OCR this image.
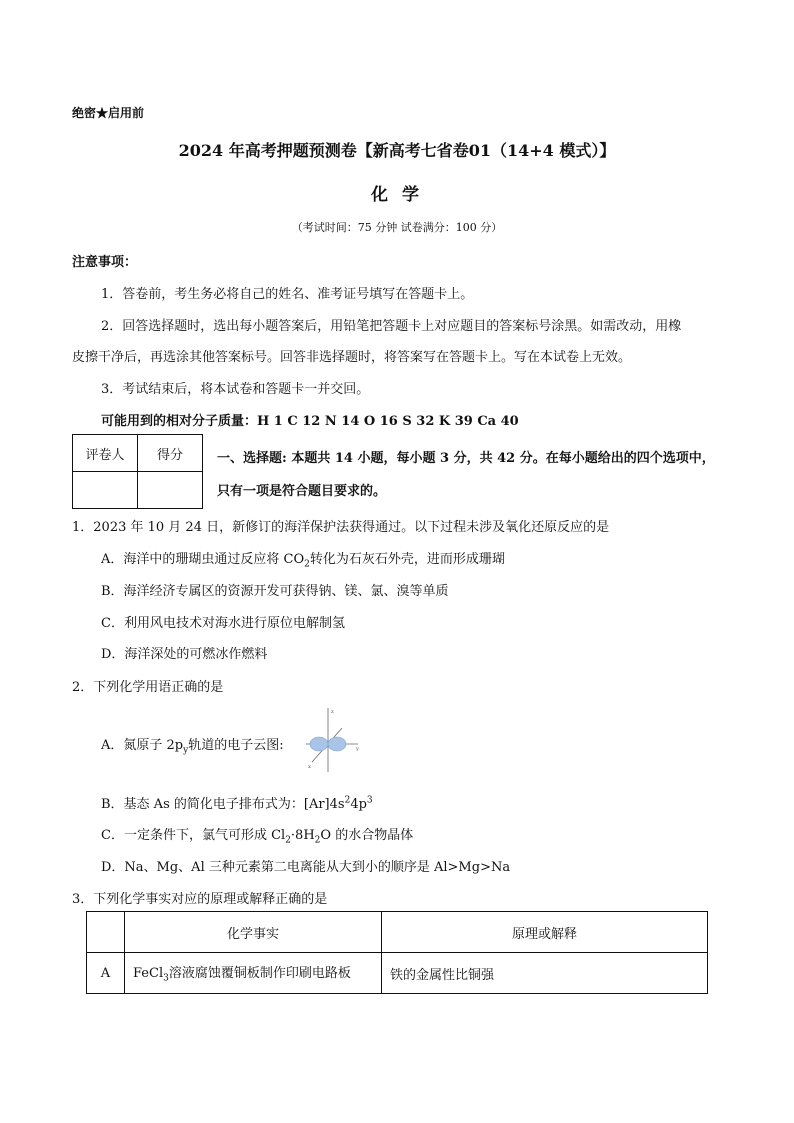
绝密★启用前
2024 年高考押题预测卷【新高考七省卷01（14+4 模式）】
化 学
（考试时间：75 分钟 试卷满分：100 分）
注意事项：
1．答卷前，考生务必将自己的姓名、准考证号填写在答题卡上。
2．回答选择题时，选出每小题答案后，用铅笔把答题卡上对应题目的答案标号涂黑。如需改动，用橡
皮擦干净后，再选涂其他答案标号。回答非选择题时，将答案写在答题卡上。写在本试卷上无效。
3．考试结束后，将本试卷和答题卡一并交回。
可能用到的相对分子质量：H 1 C 12 N 14 O 16 S 32 K 39 Ca 40
评卷人	得分
		一、选择题: 本题共 14 小题，每小题 3 分，共 42 分。在每小题给出的四个选项中，
只有一项是符合题目要求的。
1．2023 年 10 月 24 日，新修订的海洋保护法获得通过。以下过程未涉及氧化还原反应的是
A．海洋中的珊瑚虫通过反应将 $CO_2$转化为石灰石外壳，进而形成珊瑚
B．海洋经济专属区的资源开发可获得钠、镁、氯、溴等单质
C．利用风电技术对海水进行原位电解制氢
D．海洋深处的可燃冰作燃料
2．下列化学用语正确的是
A．氮原子 $2p_y$轨道的电子云图:
z
y
x
B．基态 As 的简化电子排布式为：$[Ar]4s^24p^3$
C．一定条件下，氯气可形成 $Cl_2\cdot 8H_2O$ 的水合物晶体
D．Na、Mg、Al 三种元素第二电离能从大到小的顺序是 Al>Mg>Na
3．下列化学事实对应的原理或解释正确的是
	化学事实	原理或解释
A	FeCl$_3$溶液腐蚀覆铜板制作印刷电路板	铁的金属性比铜强
